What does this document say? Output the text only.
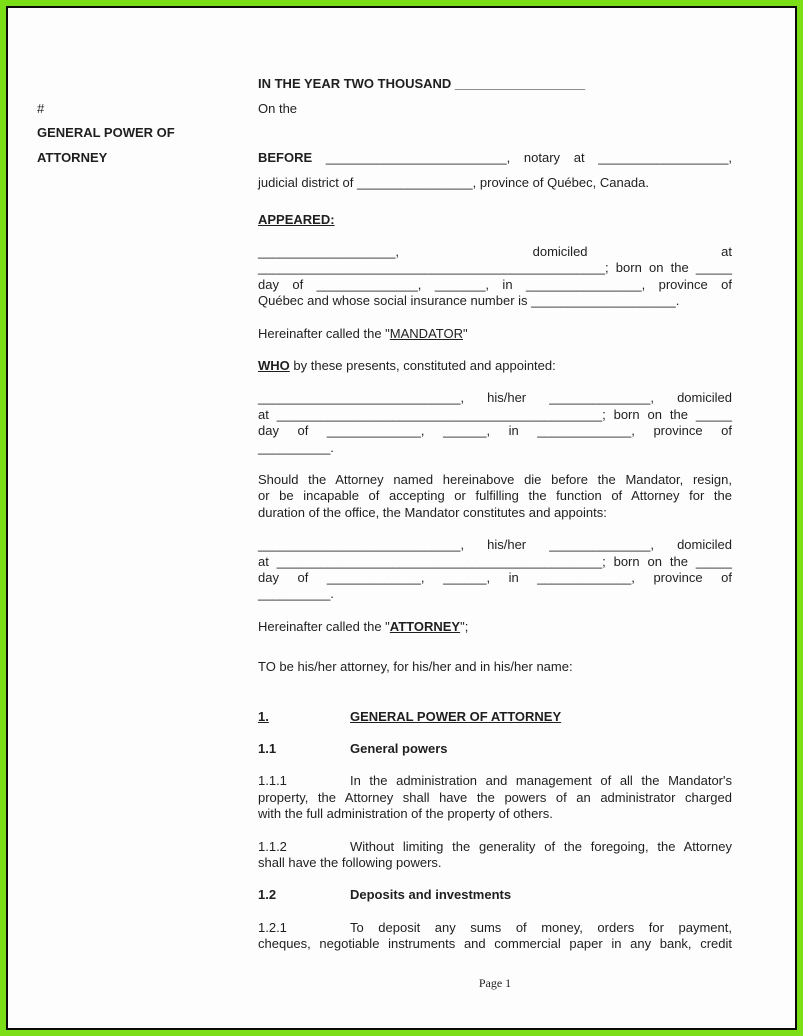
IN THE YEAR TWO THOUSAND __________________
#	On the
GENERAL POWER OF
ATTORNEY	BEFORE _________________________, notary at __________________,
judicial district of ________________, province of Québec, Canada.
APPEARED:
___________________,	domiciled	at
________________________________________________; born on the _____
day of ______________, _______, in ________________, province of
Québec and whose social insurance number is ____________________.
Hereinafter called the "MANDATOR"
WHO by these presents, constituted and appointed:
____________________________, his/her ______________, domiciled
at _____________________________________________; born on the _____
day of _____________, ______, in _____________, province of
__________.
Should the Attorney named hereinabove die before the Mandator, resign,
or be incapable of accepting or fulfilling the function of Attorney for the
duration of the office, the Mandator constitutes and appoints:
____________________________, his/her ______________, domiciled
at _____________________________________________; born on the _____
day of _____________, ______, in _____________, province of
__________.
Hereinafter called the "ATTORNEY";
TO be his/her attorney, for his/her and in his/her name:
1.	GENERAL POWER OF ATTORNEY
1.1	General powers
1.1.1	In the administration and management of all the Mandator's
property, the Attorney shall have the powers of an administrator charged
with the full administration of the property of others.
1.1.2	Without limiting the generality of the foregoing, the Attorney
shall have the following powers.
1.2	Deposits and investments
1.2.1	To deposit any sums of money, orders for payment,
cheques, negotiable instruments and commercial paper in any bank, credit
Page 1
